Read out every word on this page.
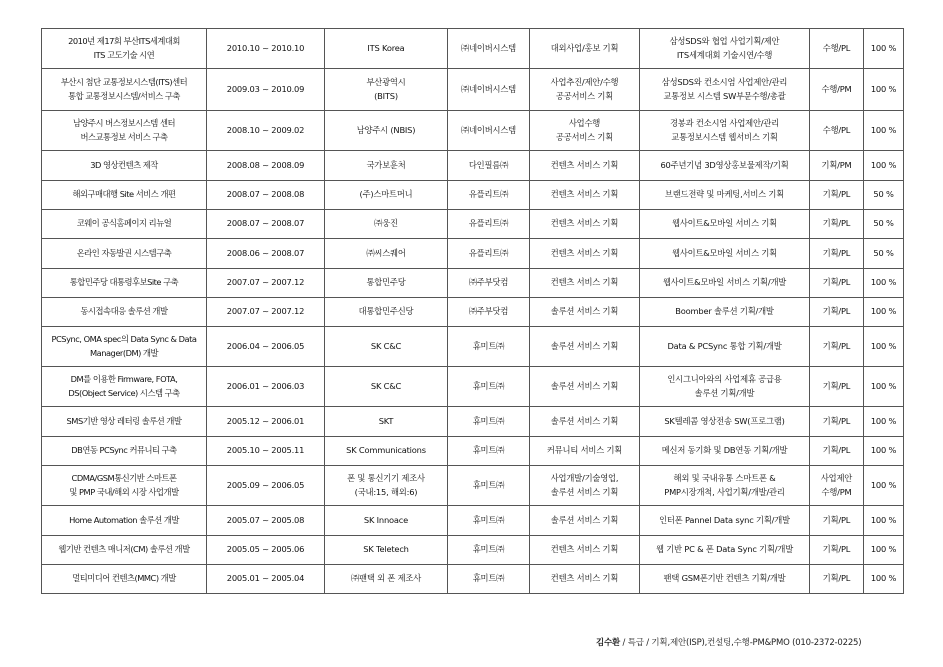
2010년 제17회 부산ITS세계대회
ITS 고도기술 시연	2010.10 ~ 2010.10	ITS Korea	㈜네이버시스템	대외사업/홍보 기획	삼성SDS와 협업 사업기획/제안
ITS세계대회 기술시연/수행	수행/PL	100 %

부산시 첨단 교통정보시스템(ITS)센터
통합 교통정보시스템/서비스 구축	2009.03 ~ 2010.09	부산광역시
(BITS)	㈜네이버시스템	사업추진/제안/수행
공공서비스 기획	삼성SDS와 컨소시엄 사업제안/관리
교통정보 시스템 SW부문수행/총괄	수행/PM	100 %

남양주시 버스정보시스템 센터
버스교통정보 서비스 구축	2008.10 ~ 2009.02	남양주시 (NBIS)	㈜네이버시스템	사업수행
공공서비스 기획	경봉과 컨소시엄 사업제안/관리
교통정보시스템 웹서비스 기획	수행/PL	100 %

3D 영상컨텐츠 제작	2008.08 ~ 2008.09	국가보훈처	다인필름㈜	컨텐츠 서비스 기획	60주년기념 3D영상홍보물제작/기획	기획/PM	100 %

해외구매대행 Site 서비스 개편	2008.07 ~ 2008.08	(주)스마트머니	유플리트㈜	컨텐츠 서비스 기획	브랜드전략 및 마케팅,서비스 기획	기획/PL	50 %

코웨이 공식홈페이지 리뉴얼	2008.07 ~ 2008.07	㈜웅진	유플리트㈜	컨텐츠 서비스 기획	웹사이트&모바일 서비스 기획	기획/PL	50 %

온라인 자동발권 시스템구축	2008.06 ~ 2008.07	㈜씨스퀘어	유플리트㈜	컨텐츠 서비스 기획	웹사이트&모바일 서비스 기획	기획/PL	50 %

통합민주당 대통령후보Site 구축	2007.07 ~ 2007.12	통합민주당	㈜주부닷컴	컨텐츠 서비스 기획	웹사이트&모바일 서비스 기획/개발	기획/PL	100 %

동시접속대응 솔루션 개발	2007.07 ~ 2007.12	대통합민주신당	㈜주부닷컴	솔루션 서비스 기획	Boomber 솔루션 기획/개발	기획/PL	100 %

PCSync, OMA spec의 Data Sync & Data
Manager(DM) 개발	2006.04 ~ 2006.05	SK C&C	휴미트㈜	솔루션 서비스 기획	Data & PCSync 통합 기획/개발	기획/PL	100 %

DM를 이용한 Firmware, FOTA,
DS(Object Service) 시스템 구축	2006.01 ~ 2006.03	SK C&C	휴미트㈜	솔루션 서비스 기획	인시그니아와의 사업제휴 공급용
솔루션 기획/개발	기획/PL	100 %

SMS기반 영상 레터링 솔루션 개발	2005.12 ~ 2006.01	SKT	휴미트㈜	솔루션 서비스 기획	SK텔레콤 영상전송 SW(프로그램)	기획/PL	100 %

DB연동 PCSync 커뮤니티 구축	2005.10 ~ 2005.11	SK Communications	휴미트㈜	커뮤니티 서비스 기획	메신저 동기화 및 DB연동 기획/개발	기획/PL	100 %

CDMA/GSM통신기반 스마트폰
및 PMP 국내/해외 시장 사업개발	2005.09 ~ 2006.05	폰 및 통신기기 제조사
(국내:15, 해외:6)	휴미트㈜	사업개발/기술영업,
솔루션 서비스 기획	해외 및 국내유통 스마트폰 &
PMP시장개척, 사업기획/개발/관리	사업제안
수행/PM	100 %

Home Automation 솔루션 개발	2005.07 ~ 2005.08	SK Innoace	휴미트㈜	솔루션 서비스 기획	인터폰 Pannel Data sync 기획/개발	기획/PL	100 %

웹기반 컨텐츠 매니저(CM) 솔루션 개발	2005.05 ~ 2005.06	SK Teletech	휴미트㈜	컨텐츠 서비스 기획	웹 기반 PC & 폰 Data Sync 기획/개발	기획/PL	100 %

멀티미디어 컨텐츠(MMC) 개발	2005.01 ~ 2005.04	㈜팬택 외 폰 제조사	휴미트㈜	컨텐츠 서비스 기획	팬택 GSM폰기반 컨텐츠 기획/개발	기획/PL	100 %
김수환 / 특급 / 기획,제안(ISP),컨설팅,수행-PM&PMO (010-2372-0225)
